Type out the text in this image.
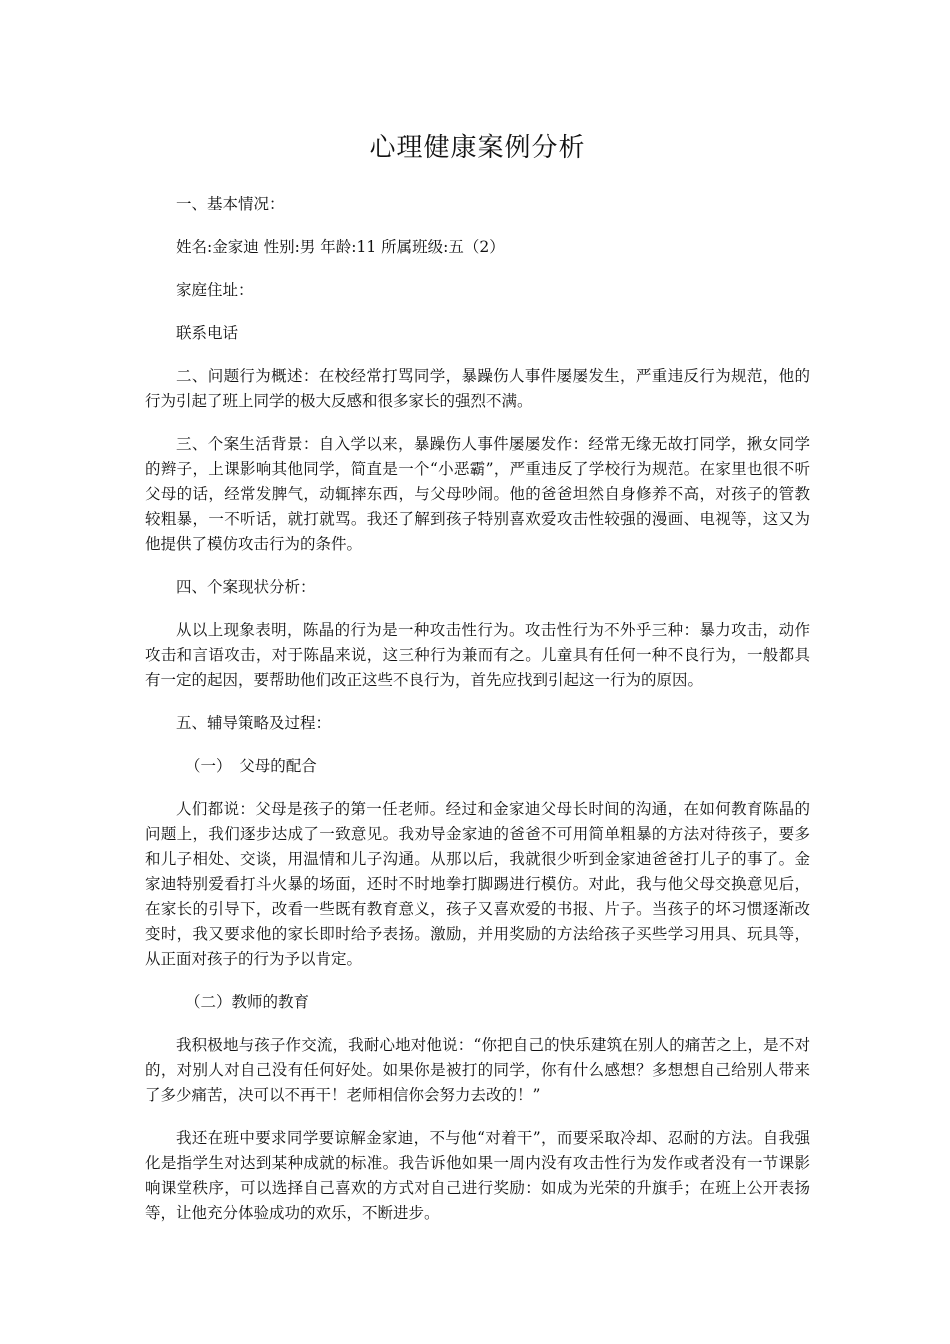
心理健康案例分析

一、基本情况：

姓名:金家迪 性别:男 年龄:11 所属班级:五（2）

家庭住址：

联系电话

二、问题行为概述：在校经常打骂同学，暴躁伤人事件屡屡发生，严重违反行为规范，他的行为引起了班上同学的极大反感和很多家长的强烈不满。

三、个案生活背景：自入学以来，暴躁伤人事件屡屡发作：经常无缘无故打同学，揪女同学的辫子，上课影响其他同学，简直是一个“小恶霸”，严重违反了学校行为规范。在家里也很不听父母的话，经常发脾气，动辄摔东西，与父母吵闹。他的爸爸坦然自身修养不高，对孩子的管教较粗暴，一不听话，就打就骂。我还了解到孩子特别喜欢爱攻击性较强的漫画、电视等，这又为他提供了模仿攻击行为的条件。

四、个案现状分析：

从以上现象表明，陈晶的行为是一种攻击性行为。攻击性行为不外乎三种：暴力攻击，动作攻击和言语攻击，对于陈晶来说，这三种行为兼而有之。儿童具有任何一种不良行为，一般都具有一定的起因，要帮助他们改正这些不良行为，首先应找到引起这一行为的原因。

五、辅导策略及过程：

（一）　父母的配合

人们都说：父母是孩子的第一任老师。经过和金家迪父母长时间的沟通，在如何教育陈晶的问题上，我们逐步达成了一致意见。我劝导金家迪的爸爸不可用简单粗暴的方法对待孩子，要多和儿子相处、交谈，用温情和儿子沟通。从那以后，我就很少听到金家迪爸爸打儿子的事了。金家迪特别爱看打斗火暴的场面，还时不时地拳打脚踢进行模仿。对此，我与他父母交换意见后，在家长的引导下，改看一些既有教育意义，孩子又喜欢爱的书报、片子。当孩子的坏习惯逐渐改变时，我又要求他的家长即时给予表扬。激励，并用奖励的方法给孩子买些学习用具、玩具等，从正面对孩子的行为予以肯定。

（二）教师的教育

我积极地与孩子作交流，我耐心地对他说：“你把自己的快乐建筑在别人的痛苦之上，是不对的，对别人对自己没有任何好处。如果你是被打的同学，你有什么感想？多想想自己给别人带来了多少痛苦，决可以不再干！老师相信你会努力去改的！”

我还在班中要求同学要谅解金家迪，不与他“对着干”，而要采取冷却、忍耐的方法。自我强化是指学生对达到某种成就的标准。我告诉他如果一周内没有攻击性行为发作或者没有一节课影响课堂秩序，可以选择自己喜欢的方式对自己进行奖励：如成为光荣的升旗手；在班上公开表扬等，让他充分体验成功的欢乐，不断进步。
